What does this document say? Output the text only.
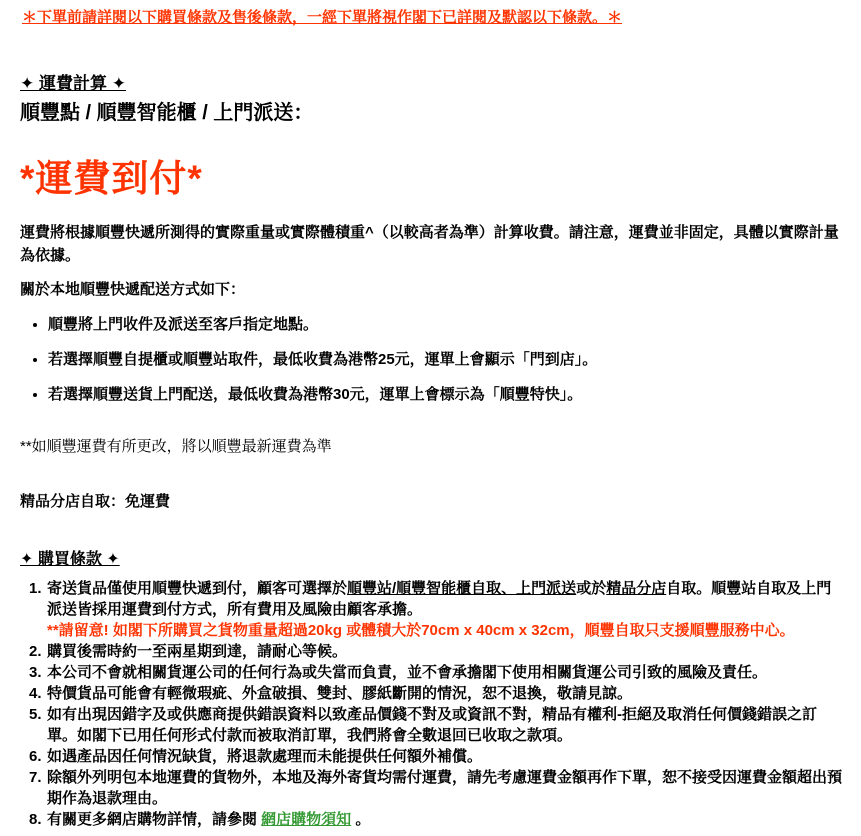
＊下單前請詳閱以下購買條款及售後條款，一經下單將視作閣下已詳閱及默認以下條款。＊

✦ 運費計算 ✦
順豐點 / 順豐智能櫃 / 上門派送：
*運費到付*

運費將根據順豐快遞所測得的實際重量或實際體積重^（以較高者為準）計算收費。請注意，運費並非固定，具體以實際計量為依據。

關於本地順豐快遞配送方式如下：

• 順豐將上門收件及派送至客戶指定地點。
• 若選擇順豐自提櫃或順豐站取件，最低收費為港幣25元，運單上會顯示「門到店」。
• 若選擇順豐送貨上門配送，最低收費為港幣30元，運單上會標示為「順豐特快」。

**如順豐運費有所更改，將以順豐最新運費為準

精品分店自取：免運費

✦ 購買條款 ✦
寄送貨品僅使用順豐快遞到付，顧客可選擇於順豐站/順豐智能櫃自取、上門派送或於精品分店自取。順豐站自取及上門派送皆採用運費到付方式，所有費用及風險由顧客承擔。
**請留意! 如閣下所購買之貨物重量超過20kg 或體積大於70cm x 40cm x 32cm，順豐自取只支援順豐服務中心。
購買後需時約一至兩星期到達，請耐心等候。
本公司不會就相關貨運公司的任何行為或失當而負責，並不會承擔閣下使用相關貨運公司引致的風險及責任。
特價貨品可能會有輕微瑕疵、外盒破損、雙封、膠紙斷開的情況，恕不退換，敬請見諒。
如有出現因錯字及或供應商提供錯誤資料以致產品價錢不對及或資訊不對，精品有權利-拒絕及取消任何價錢錯誤之訂單。如閣下已用任何形式付款而被取消訂單，我們將會全數退回已收取之款項。
如遇產品因任何情況缺貨，將退款處理而未能提供任何額外補償。
除額外列明包本地運費的貨物外，本地及海外寄貨均需付運費，請先考慮運費金額再作下單，恕不接受因運費金額超出預期作為退款理由。
有關更多網店購物詳情，請參閱 網店購物須知 。
